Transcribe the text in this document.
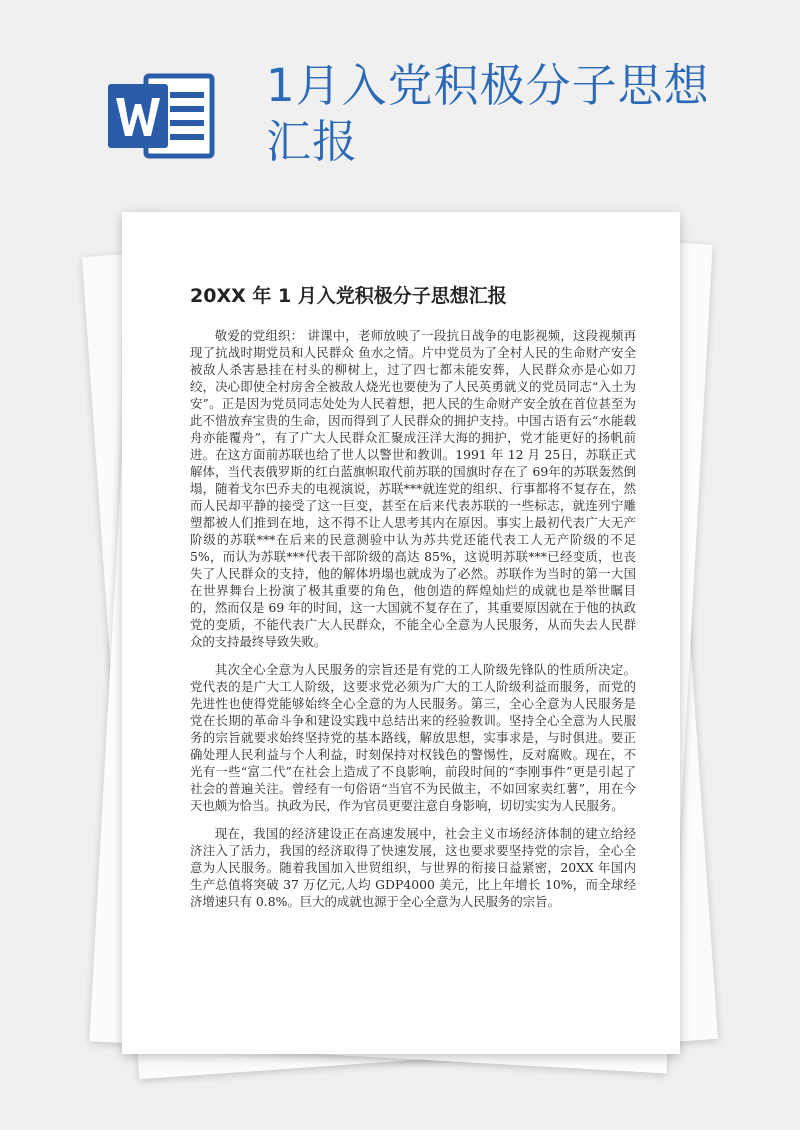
1月入党积极分子思想
汇报
20XX 年 1 月入党积极分子思想汇报

敬爱的党组织： 讲课中，老师放映了一段抗日战争的电影视频，这段视频再现了抗战时期党员和人民群众 鱼水之情。片中党员为了全村人民的生命财产安全被敌人杀害悬挂在村头的柳树上，过了四七都未能安葬，人民群众亦是心如刀绞，决心即使全村房舍全被敌人烧光也要使为了人民英勇就义的党员同志“入土为安”。正是因为党员同志处处为人民着想，把人民的生命财产安全放在首位甚至为此不惜放弃宝贵的生命，因而得到了人民群众的拥护支持。中国古语有云“水能载舟亦能覆舟”，有了广大人民群众汇聚成汪洋大海的拥护，党才能更好的扬帆前进。在这方面前苏联也给了世人以警世和教训。1991 年 12 月 25日，苏联正式解体，当代表俄罗斯的红白蓝旗帜取代前苏联的国旗时存在了 69年的苏联轰然倒塌，随着戈尔巴乔夫的电视演说，苏联***就连党的组织、行事都将不复存在，然而人民却平静的接受了这一巨变，甚至在后来代表苏联的一些标志，就连列宁雕塑都被人们推到在地，这不得不让人思考其内在原因。事实上最初代表广大无产阶级的苏联***在后来的民意测验中认为苏共党还能代表工人无产阶级的不足 5%，而认为苏联***代表干部阶级的高达 85%，这说明苏联***已经变质，也丧失了人民群众的支持，他的解体坍塌也就成为了必然。苏联作为当时的第一大国在世界舞台上扮演了极其重要的角色，他创造的辉煌灿烂的成就也是举世瞩目的，然而仅是 69 年的时间，这一大国就不复存在了，其重要原因就在于他的执政党的变质，不能代表广大人民群众，不能全心全意为人民服务，从而失去人民群众的支持最终导致失败。

其次全心全意为人民服务的宗旨还是有党的工人阶级先锋队的性质所决定。党代表的是广大工人阶级，这要求党必须为广大的工人阶级利益而服务，而党的先进性也使得党能够始终全心全意的为人民服务。第三，全心全意为人民服务是党在长期的革命斗争和建设实践中总结出来的经验教训。坚持全心全意为人民服务的宗旨就要求始终坚持党的基本路线，解放思想，实事求是，与时俱进。要正确处理人民利益与个人利益，时刻保持对权钱色的警惕性，反对腐败。现在，不光有一些“富二代”在社会上造成了不良影响，前段时间的“李刚事件”更是引起了社会的普遍关注。曾经有一句俗语“当官不为民做主，不如回家卖红薯”，用在今天也颇为恰当。执政为民，作为官员更要注意自身影响，切切实实为人民服务。

现在，我国的经济建设正在高速发展中，社会主义市场经济体制的建立给经济注入了活力，我国的经济取得了快速发展，这也要求要坚持党的宗旨，全心全意为人民服务。随着我国加入世贸组织，与世界的衔接日益紧密，20XX 年国内生产总值将突破 37 万亿元,人均 GDP4000 美元，比上年增长 10%，而全球经济增速只有 0.8%。巨大的成就也源于全心全意为人民服务的宗旨。
